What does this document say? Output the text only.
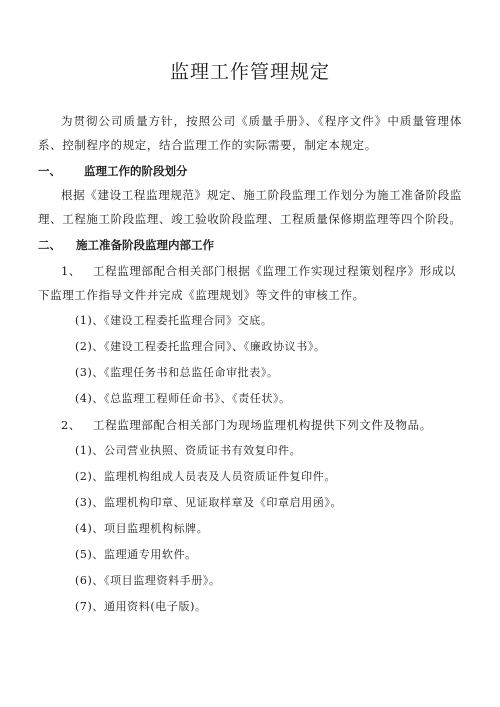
监理工作管理规定

为贯彻公司质量方针，按照公司《质量手册》、《程序文件》中质量管理体系、控制程序的规定，结合监理工作的实际需要，制定本规定。

一、 监理工作的阶段划分

根据《建设工程监理规范》规定、施工阶段监理工作划分为施工准备阶段监理、工程施工阶段监理、竣工验收阶段监理、工程质量保修期监理等四个阶段。

二、 施工准备阶段监理内部工作

1、 工程监理部配合相关部门根据《监理工作实现过程策划程序》形成以下监理工作指导文件并完成《监理规划》等文件的审核工作。

(1)、《建设工程委托监理合同》交底。
(2)、《建设工程委托监理合同》、《廉政协议书》。
(3)、《监理任务书和总监任命审批表》。
(4)、《总监理工程师任命书》、《责任状》。

2、 工程监理部配合相关部门为现场监理机构提供下列文件及物品。

(1)、公司营业执照、资质证书有效复印件。
(2)、监理机构组成人员表及人员资质证件复印件。
(3)、监理机构印章、见证取样章及《印章启用函》。
(4)、项目监理机构标牌。
(5)、监理通专用软件。
(6)、《项目监理资料手册》。
(7)、通用资料(电子版)。
